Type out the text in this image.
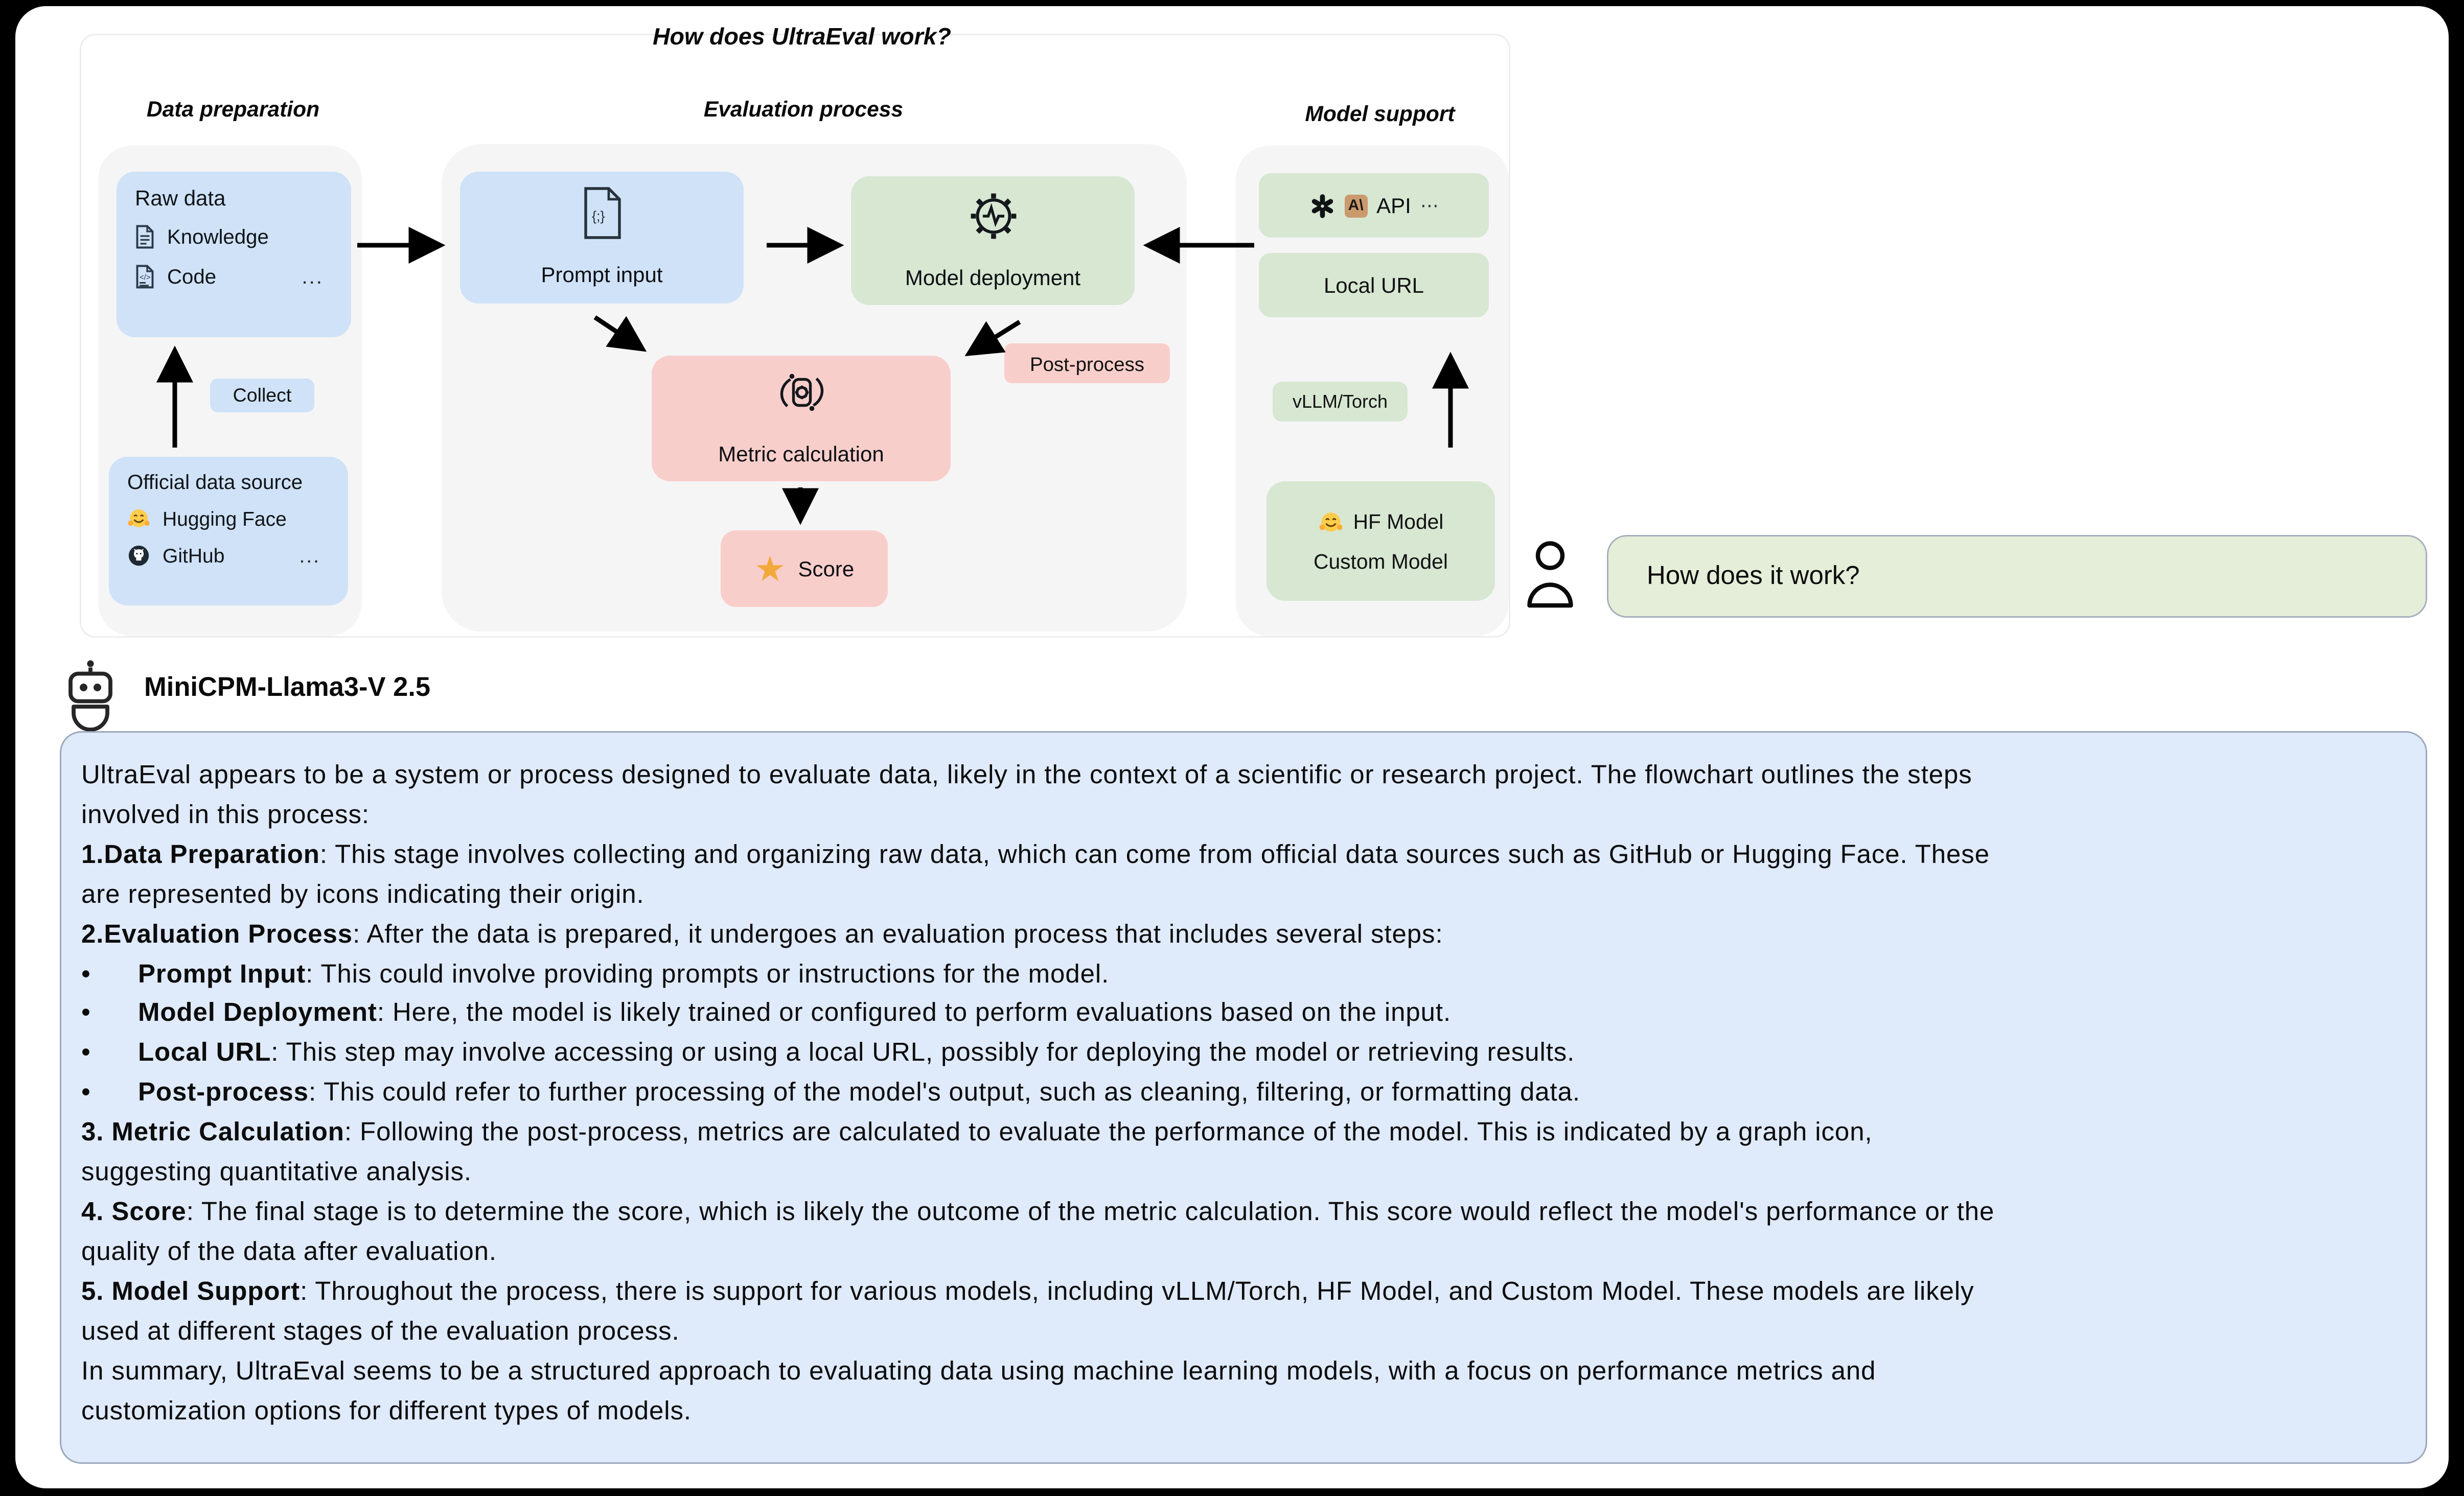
How does UltraEval work?
Data preparation	Evaluation process	Model support
Raw data
Knowledge
</> Code	...
Collect
Official data source
Hugging Face
GitHub	...
{;}
Prompt input	Model deployment
Post-process
Metric calculation
★ Score
A\	API ⋯
Local URL
vLLM/Torch
HF Model
Custom Model	How does it work?
MiniCPM-Llama3-V 2.5
UltraEval appears to be a system or process designed to evaluate data, likely in the context of a scientific or research project. The flowchart outlines the steps
involved in this process:
1.Data Preparation: This stage involves collecting and organizing raw data, which can come from official data sources such as GitHub or Hugging Face. These
are represented by icons indicating their origin.
2.Evaluation Process: After the data is prepared, it undergoes an evaluation process that includes several steps:
•	Prompt Input: This could involve providing prompts or instructions for the model.
•	Model Deployment: Here, the model is likely trained or configured to perform evaluations based on the input.
•	Local URL: This step may involve accessing or using a local URL, possibly for deploying the model or retrieving results.
•	Post-process: This could refer to further processing of the model's output, such as cleaning, filtering, or formatting data.
3. Metric Calculation: Following the post-process, metrics are calculated to evaluate the performance of the model. This is indicated by a graph icon,
suggesting quantitative analysis.
4. Score: The final stage is to determine the score, which is likely the outcome of the metric calculation. This score would reflect the model's performance or the
quality of the data after evaluation.
5. Model Support: Throughout the process, there is support for various models, including vLLM/Torch, HF Model, and Custom Model. These models are likely
used at different stages of the evaluation process.
In summary, UltraEval seems to be a structured approach to evaluating data using machine learning models, with a focus on performance metrics and
customization options for different types of models.
